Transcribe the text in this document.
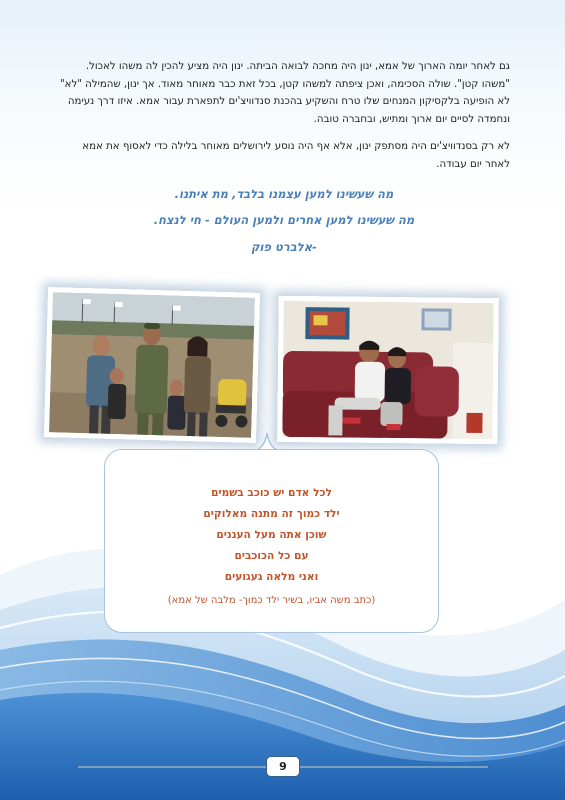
גם לאחר יומה הארוך של אמא, ינון היה מחכה לבואה הביתה. ינון היה מציע להכין לה משהו לאכול. "משהו קטן". שולה הסכימה, ואכן ציפתה למשהו קטן, בכל זאת כבר מאוחר מאוד. אך ינון, שהמילה "לא" לא הופיעה בלקסיקון המנחים שלו טרח והשקיע בהכנת סנדוויצ'ים לתפארת עבור אמא. איזו דרך נעימה ונחמדה לסיים יום ארוך ומתיש, ובחברה טובה.

לא רק בסנדוויצ'ים היה מסתפק ינון, אלא אף היה נוסע לירושלים מאוחר בלילה כדי לאסוף את אמא לאחר יום עבודה.

מה שעשינו למען עצמנו בלבד, מת איתנו.
מה שעשינו למען אחרים ולמען העולם - חי לנצח.
-אלברט פוק
לכל אדם יש כוכב בשמים
ילד כמוך זה מתנה מאלוקים
שוכן אתה מעל העננים
עם כל הכוכבים
ואני מלאה געגועים
(כתב משה אביו, בשיר ילד כמוך- מלבה של אמא)
9
